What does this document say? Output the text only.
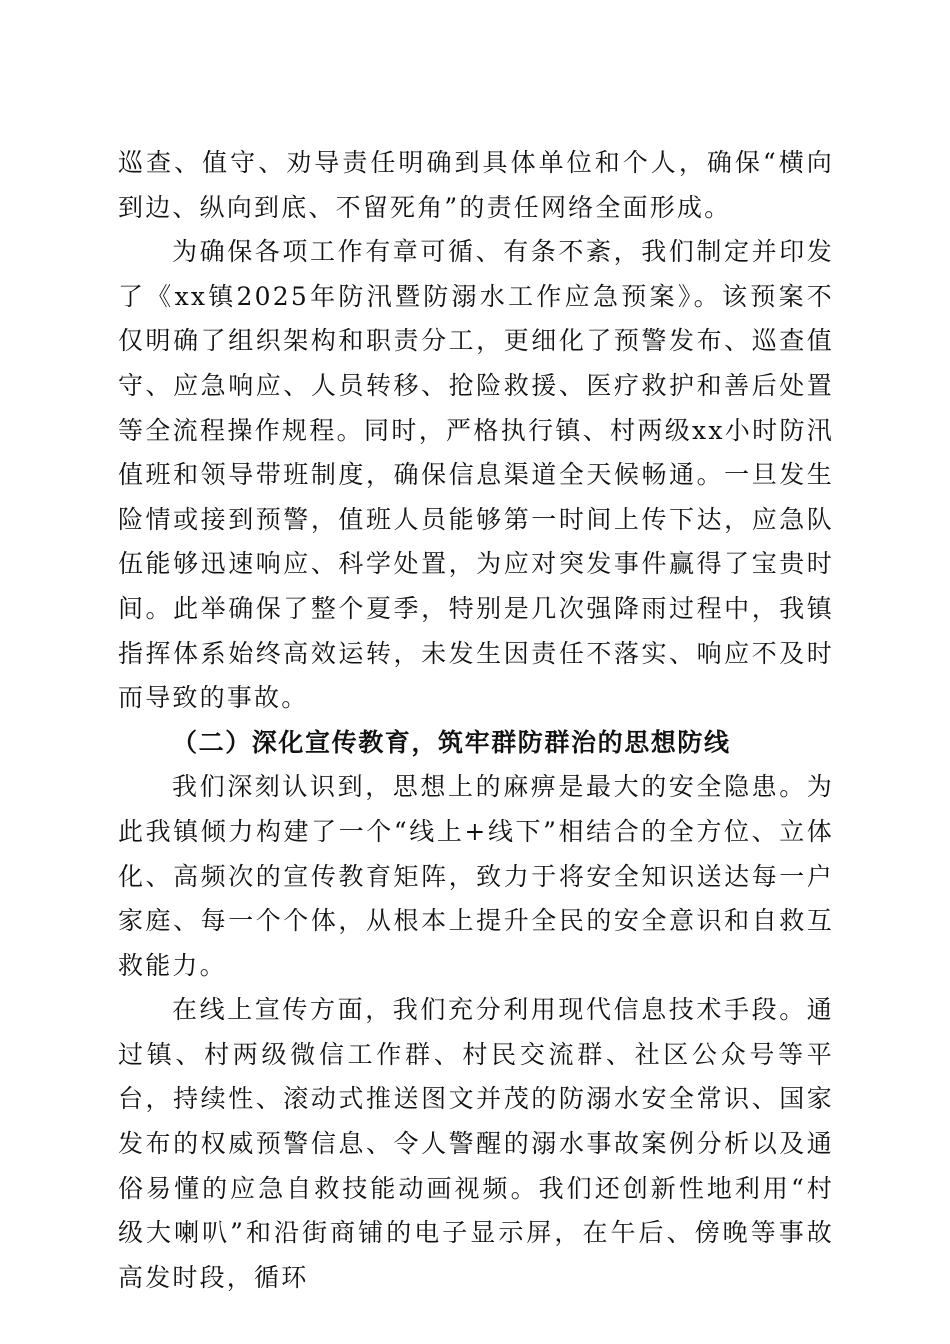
巡查、值守、劝导责任明确到具体单位和个人，确保“横向到边、纵向到底、不留死角”的责任网络全面形成。

为确保各项工作有章可循、有条不紊，我们制定并印发了《xx镇2025年防汛暨防溺水工作应急预案》。该预案不仅明确了组织架构和职责分工，更细化了预警发布、巡查值守、应急响应、人员转移、抢险救援、医疗救护和善后处置等全流程操作规程。同时，严格执行镇、村两级xx小时防汛值班和领导带班制度，确保信息渠道全天候畅通。一旦发生险情或接到预警，值班人员能够第一时间上传下达，应急队伍能够迅速响应、科学处置，为应对突发事件赢得了宝贵时间。此举确保了整个夏季，特别是几次强降雨过程中，我镇指挥体系始终高效运转，未发生因责任不落实、响应不及时而导致的事故。

（二）深化宣传教育，筑牢群防群治的思想防线

我们深刻认识到，思想上的麻痹是最大的安全隐患。为此我镇倾力构建了一个“线上+线下”相结合的全方位、立体化、高频次的宣传教育矩阵，致力于将安全知识送达每一户家庭、每一个个体，从根本上提升全民的安全意识和自救互救能力。

在线上宣传方面，我们充分利用现代信息技术手段。通过镇、村两级微信工作群、村民交流群、社区公众号等平台，持续性、滚动式推送图文并茂的防溺水安全常识、国家发布的权威预警信息、令人警醒的溺水事故案例分析以及通俗易懂的应急自救技能动画视频。我们还创新性地利用“村级大喇叭”和沿街商铺的电子显示屏，在午后、傍晚等事故高发时段，循环
